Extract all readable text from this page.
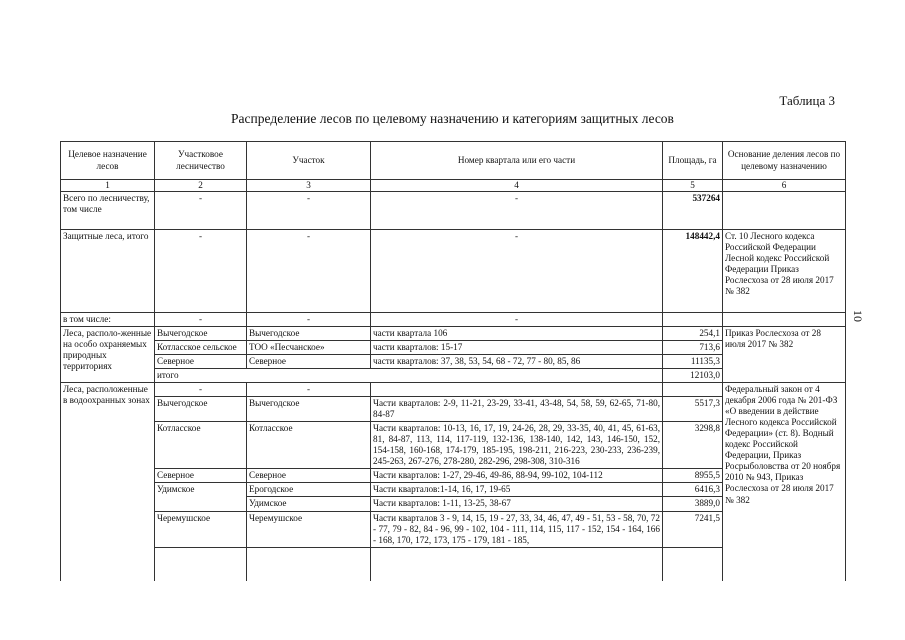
Таблица 3
Распределение лесов по целевому назначению и категориям защитных лесов
10
Целевое назначение лесов	Участковое лесничество	Участок	Номер квартала или его части	Площадь, га	Основание деления лесов по целевому назначению
1	2	3	4	5	6
Всего по лесничеству, том числе	-	-	-	537264	
Защитные леса, итого	-	-	-	148442,4	Ст. 10 Лесного кодекса Российской Федерации Лесной кодекс Российской Федерации Приказ Рослесхоза от 28 июля 2017 № 382
в том числе:	-	-	-		
Леса, располо-женные на особо охраняемых природных территориях	Вычегодское	Вычегодское	части квартала 106	254,1	Приказ Рослесхоза от 28 июля 2017 № 382
	Котласское сельское	ТОО «Песчанское»	части кварталов: 15-17	713,6	
	Северное	Северное	части кварталов: 37, 38, 53, 54, 68 - 72, 77 - 80, 85, 86	11135,3	
	итого			12103,0	
Леса, расположенные в водоохранных зонах	-	-			Федеральный закон от 4 декабря 2006 года № 201-ФЗ «О введении в действие Лесного кодекса Российской Федерации» (ст. 8). Водный кодекс Российской Федерации, Приказ Росрыболовства от 20 ноября 2010 № 943, Приказ Рослесхоза от 28 июля 2017 № 382
	Вычегодское	Вычегодское	Части кварталов: 2-9, 11-21, 23-29, 33-41, 43-48, 54, 58, 59, 62-65, 71-80, 84-87	5517,3	
	Котласское	Котласское	Части кварталов: 10-13, 16, 17, 19, 24-26, 28, 29, 33-35, 40, 41, 45, 61-63, 81, 84-87, 113, 114, 117-119, 132-136, 138-140, 142, 143, 146-150, 152, 154-158, 160-168, 174-179, 185-195, 198-211, 216-223, 230-233, 236-239, 245-263, 267-276, 278-280, 282-296, 298-308, 310-316	3298,8	
	Северное	Северное	Части кварталов: 1-27, 29-46, 49-86, 88-94, 99-102, 104-112	8955,5	
	Удимское	Ерогодское	Части кварталов:1-14, 16, 17, 19-65	6416,3	
		Удимское	Части кварталов: 1-11, 13-25, 38-67	3889,0	
	Черемушское	Черемушское	Части кварталов 3 - 9, 14, 15, 19 - 27, 33, 34, 46, 47, 49 - 51, 53 - 58, 70, 72 - 77, 79 - 82, 84 - 96, 99 - 102, 104 - 111, 114, 115, 117 - 152, 154 - 164, 166 - 168, 170, 172, 173, 175 - 179, 181 - 185,	7241,5	
